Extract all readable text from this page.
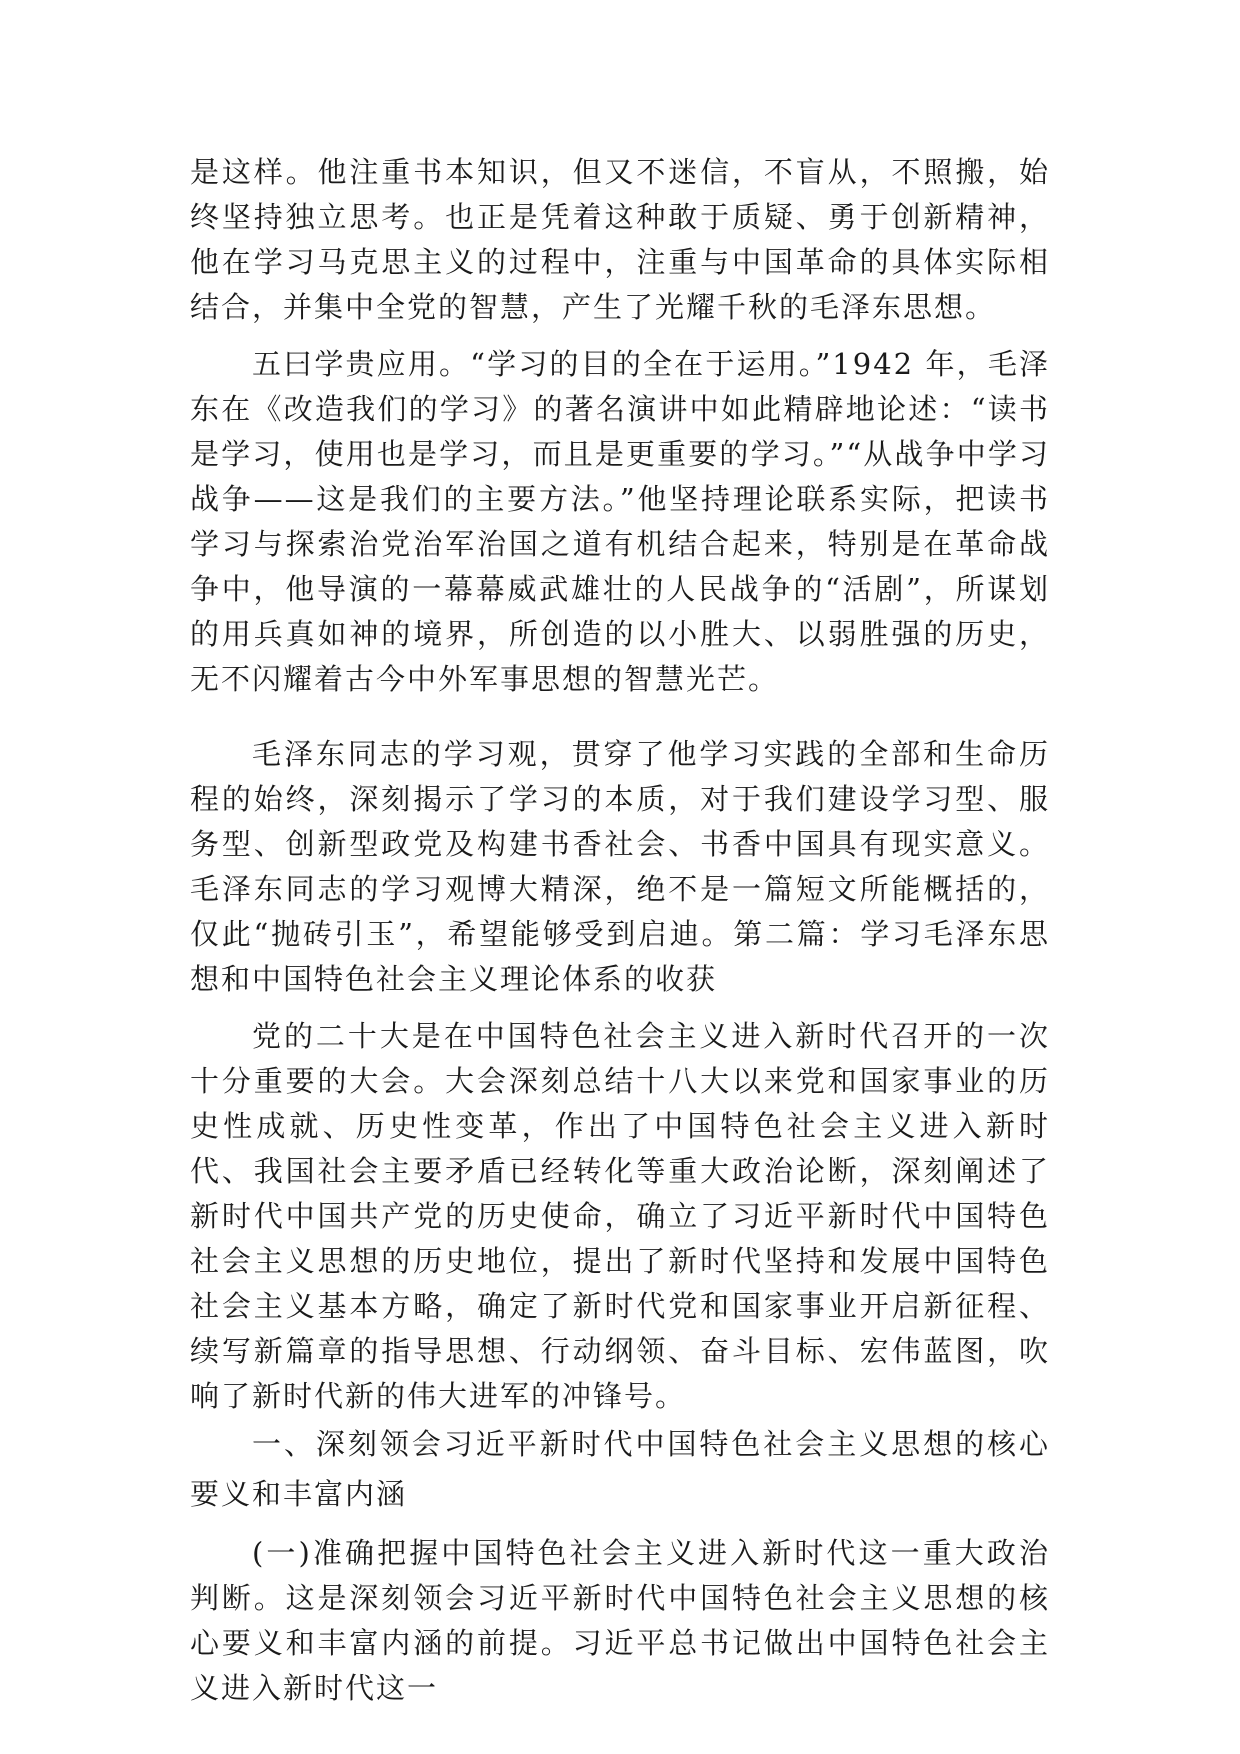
是这样。他注重书本知识，但又不迷信，不盲从，不照搬，始终坚持独立思考。也正是凭着这种敢于质疑、勇于创新精神，他在学习马克思主义的过程中，注重与中国革命的具体实际相结合，并集中全党的智慧，产生了光耀千秋的毛泽东思想。

五曰学贵应用。“学习的目的全在于运用。”1942 年，毛泽东在《改造我们的学习》的著名演讲中如此精辟地论述：“读书是学习，使用也是学习，而且是更重要的学习。”“从战争中学习战争——这是我们的主要方法。”他坚持理论联系实际，把读书学习与探索治党治军治国之道有机结合起来，特别是在革命战争中，他导演的一幕幕威武雄壮的人民战争的“活剧”，所谋划的用兵真如神的境界，所创造的以小胜大、以弱胜强的历史，无不闪耀着古今中外军事思想的智慧光芒。

毛泽东同志的学习观，贯穿了他学习实践的全部和生命历程的始终，深刻揭示了学习的本质，对于我们建设学习型、服务型、创新型政党及构建书香社会、书香中国具有现实意义。毛泽东同志的学习观博大精深，绝不是一篇短文所能概括的，仅此“抛砖引玉”，希望能够受到启迪。第二篇：学习毛泽东思想和中国特色社会主义理论体系的收获

党的二十大是在中国特色社会主义进入新时代召开的一次十分重要的大会。大会深刻总结十八大以来党和国家事业的历史性成就、历史性变革，作出了中国特色社会主义进入新时代、我国社会主要矛盾已经转化等重大政治论断，深刻阐述了新时代中国共产党的历史使命，确立了习近平新时代中国特色社会主义思想的历史地位，提出了新时代坚持和发展中国特色社会主义基本方略，确定了新时代党和国家事业开启新征程、续写新篇章的指导思想、行动纲领、奋斗目标、宏伟蓝图，吹响了新时代新的伟大进军的冲锋号。

一、深刻领会习近平新时代中国特色社会主义思想的核心要义和丰富内涵

(一)准确把握中国特色社会主义进入新时代这一重大政治判断。这是深刻领会习近平新时代中国特色社会主义思想的核心要义和丰富内涵的前提。习近平总书记做出中国特色社会主义进入新时代这一
